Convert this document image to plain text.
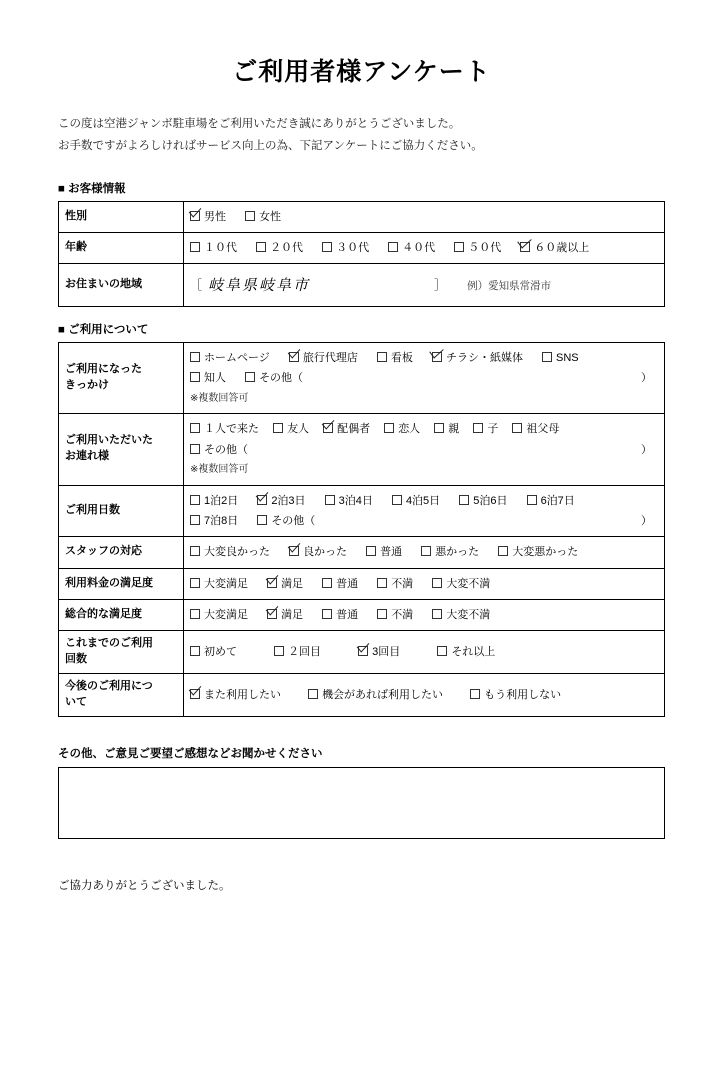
ご利用者様アンケート
この度は空港ジャンボ駐車場をご利用いただき誠にありがとうございました。
お手数ですがよろしければサービス向上の為、下記アンケートにご協力ください。
■ お客様情報
性別	男性 女性
年齢	１０代 ２０代 ３０代 ４０代 ５０代 ６０歳以上
お住まいの地域	［ 岐阜県岐阜市 ］ 例）愛知県常滑市
■ ご利用について
ご利用になった
きっかけ

ホームページ	旅行代理店	看板	チラシ・紙媒体	SNS
知人	その他（	）
※複数回答可

ご利用いただいた
お連れ様

１人で来た	友人	配偶者	恋人	親	子	祖父母
その他（	）
※複数回答可

ご利用日数	1泊2日 2泊3日 3泊4日 4泊5日 5泊6日 6泊7日
7泊8日 その他（ ）

スタッフの対応	大変良かった 良かった 普通 悪かった 大変悪かった
利用料金の満足度	大変満足 満足 普通 不満 大変不満
総合的な満足度	大変満足 満足 普通 不満 大変不満

これまでのご利用
回数	初めて ２回目 3回目 それ以上

今後のご利用につ
いて	また利用したい 機会があれば利用したい もう利用しない
その他、ご意見ご要望ご感想などお聞かせください
ご協力ありがとうございました。
